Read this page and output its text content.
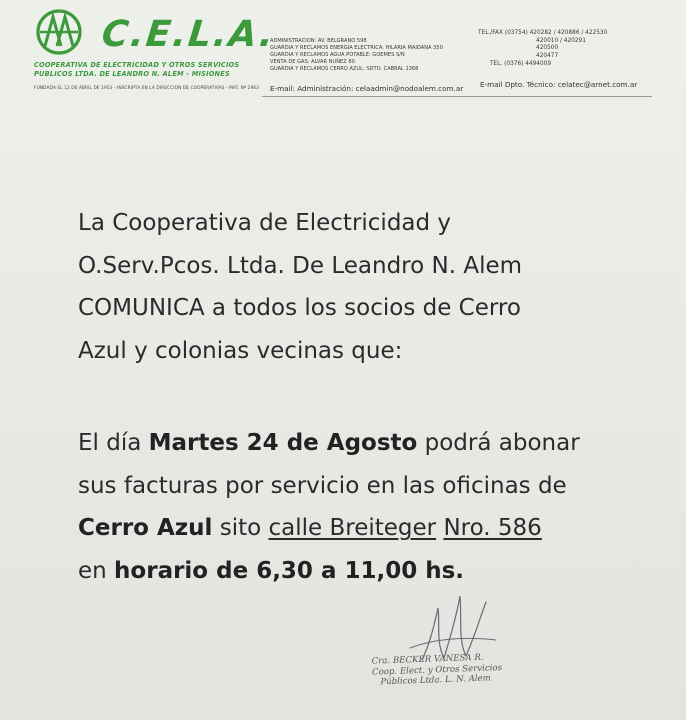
C.E.L.A.
COOPERATIVA DE ELECTRICIDAD Y OTROS SERVICIOS
PUBLICOS LTDA. DE LEANDRO N. ALEM - MISIONES
FUNDADA EL 12 DE ABRIL DE 1953 - INSCRIPTA EN LA DIRECCION DE COOPERATIVAS - MAT. Nº 2963
ADMINISTRACION: AV. BELGRANO 598
GUARDIA Y RECLAMOS ENERGIA ELECTRICA: HILARIA MAIDANA 350
GUARDIA Y RECLAMOS AGUA POTABLE: GOEMES S/N
VENTA DE GAS: ALVAR NUÑEZ 80
GUARDIA Y RECLAMOS CERRO AZUL: SDTO. CABRAL 1368
TEL./FAX (03754) 420282 / 420886 / 422530
420010 / 420291
420500
420477
TEL. (0376) 4494009
E-mail: Administración: celaadmin@nodoalem.com.ar E-mail Dpto. Técnico: celatec@arnet.com.ar
La Cooperativa de Electricidad y
O.Serv.Pcos. Ltda. De Leandro N. Alem
COMUNICA a todos los socios de Cerro
Azul y colonias vecinas que:
El día Martes 24 de Agosto podrá abonar
sus facturas por servicio en las oficinas de
Cerro Azul sito calle Breiteger Nro. 586
en horario de 6,30 a 11,00 hs.
Cra. BECKER VANESA R.
Coop. Elect. y Otros Servicios
Públicos Ltda. L. N. Alem
